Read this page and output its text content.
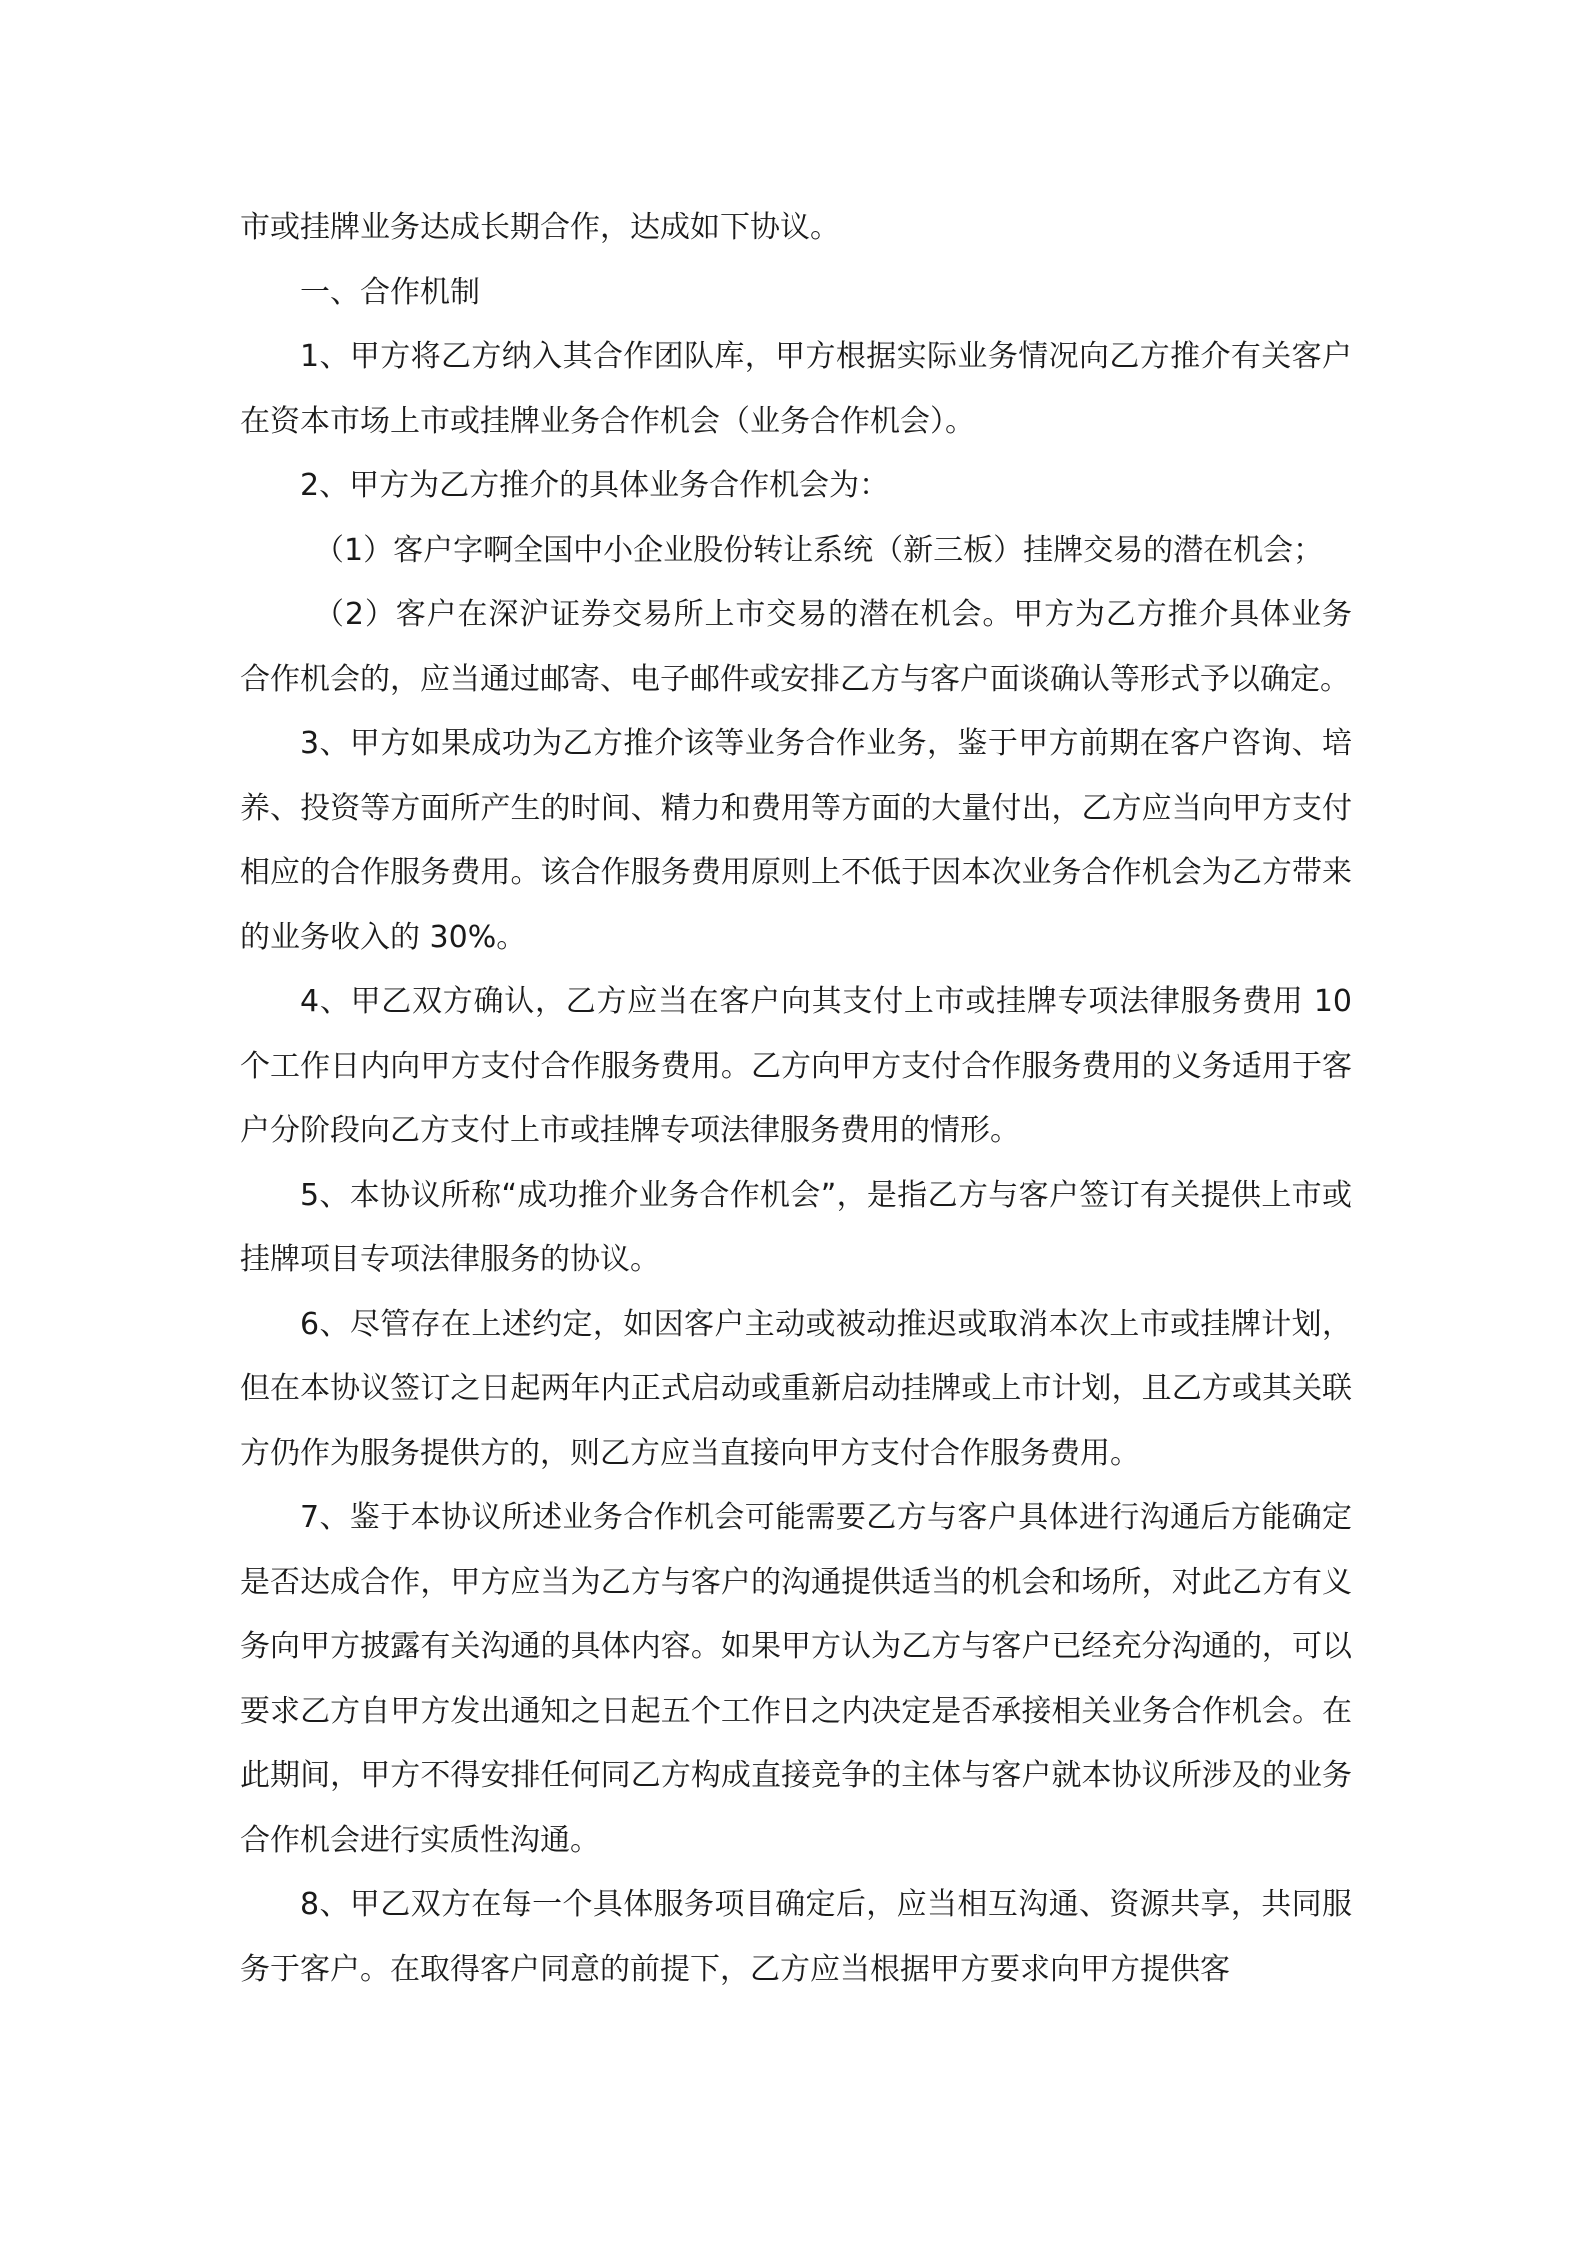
市或挂牌业务达成长期合作，达成如下协议。

一、合作机制

1、甲方将乙方纳入其合作团队库，甲方根据实际业务情况向乙方推介有关客户在资本市场上市或挂牌业务合作机会（业务合作机会）。

2、甲方为乙方推介的具体业务合作机会为：

（1）客户字啊全国中小企业股份转让系统（新三板）挂牌交易的潜在机会；

（2）客户在深沪证券交易所上市交易的潜在机会。甲方为乙方推介具体业务合作机会的，应当通过邮寄、电子邮件或安排乙方与客户面谈确认等形式予以确定。

3、甲方如果成功为乙方推介该等业务合作业务，鉴于甲方前期在客户咨询、培养、投资等方面所产生的时间、精力和费用等方面的大量付出，乙方应当向甲方支付相应的合作服务费用。该合作服务费用原则上不低于因本次业务合作机会为乙方带来的业务收入的 30%。

4、甲乙双方确认，乙方应当在客户向其支付上市或挂牌专项法律服务费用 10 个工作日内向甲方支付合作服务费用。乙方向甲方支付合作服务费用的义务适用于客户分阶段向乙方支付上市或挂牌专项法律服务费用的情形。

5、本协议所称“成功推介业务合作机会”，是指乙方与客户签订有关提供上市或挂牌项目专项法律服务的协议。

6、尽管存在上述约定，如因客户主动或被动推迟或取消本次上市或挂牌计划，但在本协议签订之日起两年内正式启动或重新启动挂牌或上市计划，且乙方或其关联方仍作为服务提供方的，则乙方应当直接向甲方支付合作服务费用。

7、鉴于本协议所述业务合作机会可能需要乙方与客户具体进行沟通后方能确定是否达成合作，甲方应当为乙方与客户的沟通提供适当的机会和场所，对此乙方有义务向甲方披露有关沟通的具体内容。如果甲方认为乙方与客户已经充分沟通的，可以要求乙方自甲方发出通知之日起五个工作日之内决定是否承接相关业务合作机会。在此期间，甲方不得安排任何同乙方构成直接竞争的主体与客户就本协议所涉及的业务合作机会进行实质性沟通。

8、甲乙双方在每一个具体服务项目确定后，应当相互沟通、资源共享，共同服务于客户。在取得客户同意的前提下，乙方应当根据甲方要求向甲方提供客
